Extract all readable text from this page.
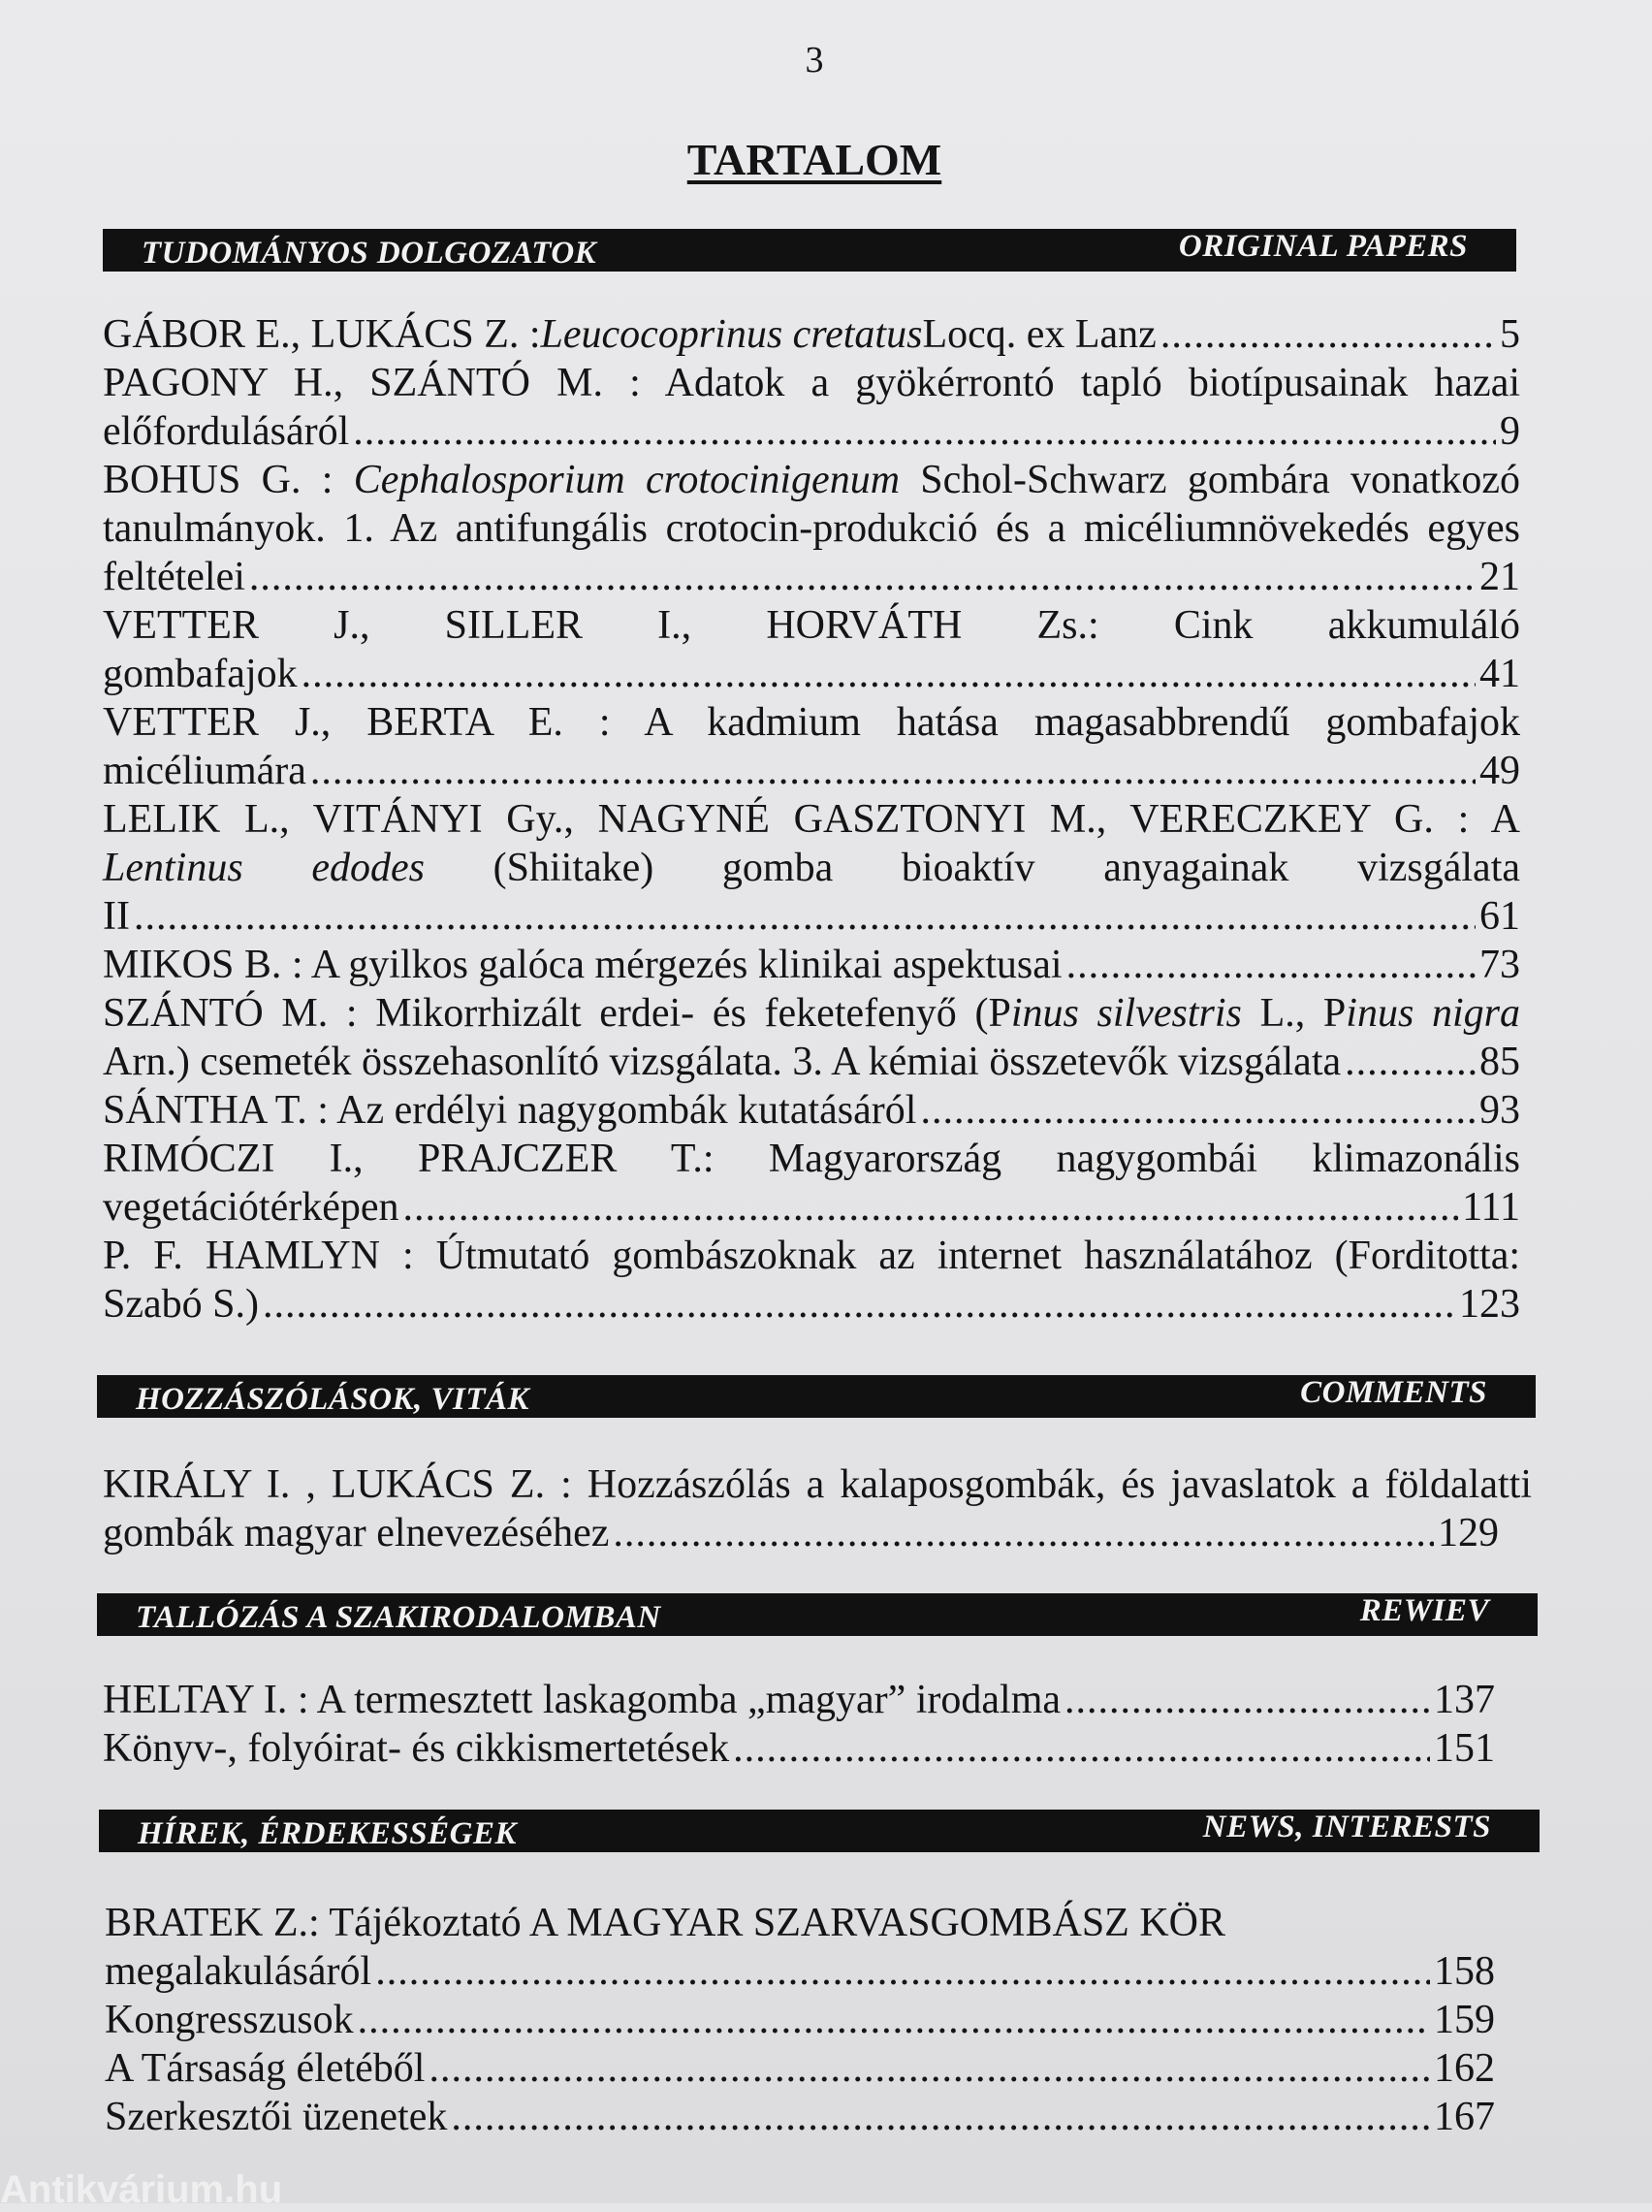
3
TARTALOM
TUDOMÁNYOS DOLGOZATOK	ORIGINAL PAPERS
GÁBOR E., LUKÁCS Z. : Leucocoprinus cretatus Locq. ex Lanz .....	5
PAGONY H., SZÁNTÓ M. : Adatok a gyökérrontó tapló biotípusainak hazai
előfordulásáról .....	9
BOHUS G. : Cephalosporium crotocinigenum Schol-Schwarz gombára vonatkozó
tanulmányok. 1. Az antifungális crotocin-produkció és a micéliumnövekedés egyes
feltételei .....	21
VETTER J., SILLER I., HORVÁTH Zs.: Cink akkumuláló
gombafajok .....	41
VETTER J., BERTA E. : A kadmium hatása magasabbrendű gombafajok
micéliumára .....	49
LELIK L., VITÁNYI Gy., NAGYNÉ GASZTONYI M., VERECZKEY G. : A
Lentinus edodes (Shiitake) gomba bioaktív anyagainak vizsgálata
II .....	61
MIKOS B. : A gyilkos galóca mérgezés klinikai aspektusai .....	73
SZÁNTÓ M. : Mikorrhizált erdei- és feketefenyő (Pinus silvestris L., Pinus nigra
Arn.) csemeték összehasonlító vizsgálata. 3. A kémiai összetevők vizsgálata .....	85
SÁNTHA T. : Az erdélyi nagygombák kutatásáról .....	93
RIMÓCZI I., PRAJCZER T.: Magyarország nagygombái klimazonális
vegetációtérképen .....	111
P. F. HAMLYN : Útmutató gombászoknak az internet használatához (Forditotta:
Szabó S.) .....	123
HOZZÁSZÓLÁSOK, VITÁK	COMMENTS
KIRÁLY I. , LUKÁCS Z. : Hozzászólás a kalaposgombák, és javaslatok a földalatti
gombák magyar elnevezéséhez .....	129
TALLÓZÁS A SZAKIRODALOMBAN	REWIEV
HELTAY I. : A termesztett laskagomba „magyar” irodalma .....	137
Könyv-, folyóirat- és cikkismertetések .....	151
HÍREK, ÉRDEKESSÉGEK	NEWS, INTERESTS
BRATEK Z.: Tájékoztató A MAGYAR SZARVASGOMBÁSZ KÖR
megalakulásáról .....	158
Kongresszusok .....	159
A Társaság életéből .....	162
Szerkesztői üzenetek .....	167
Antikvárium.hu
